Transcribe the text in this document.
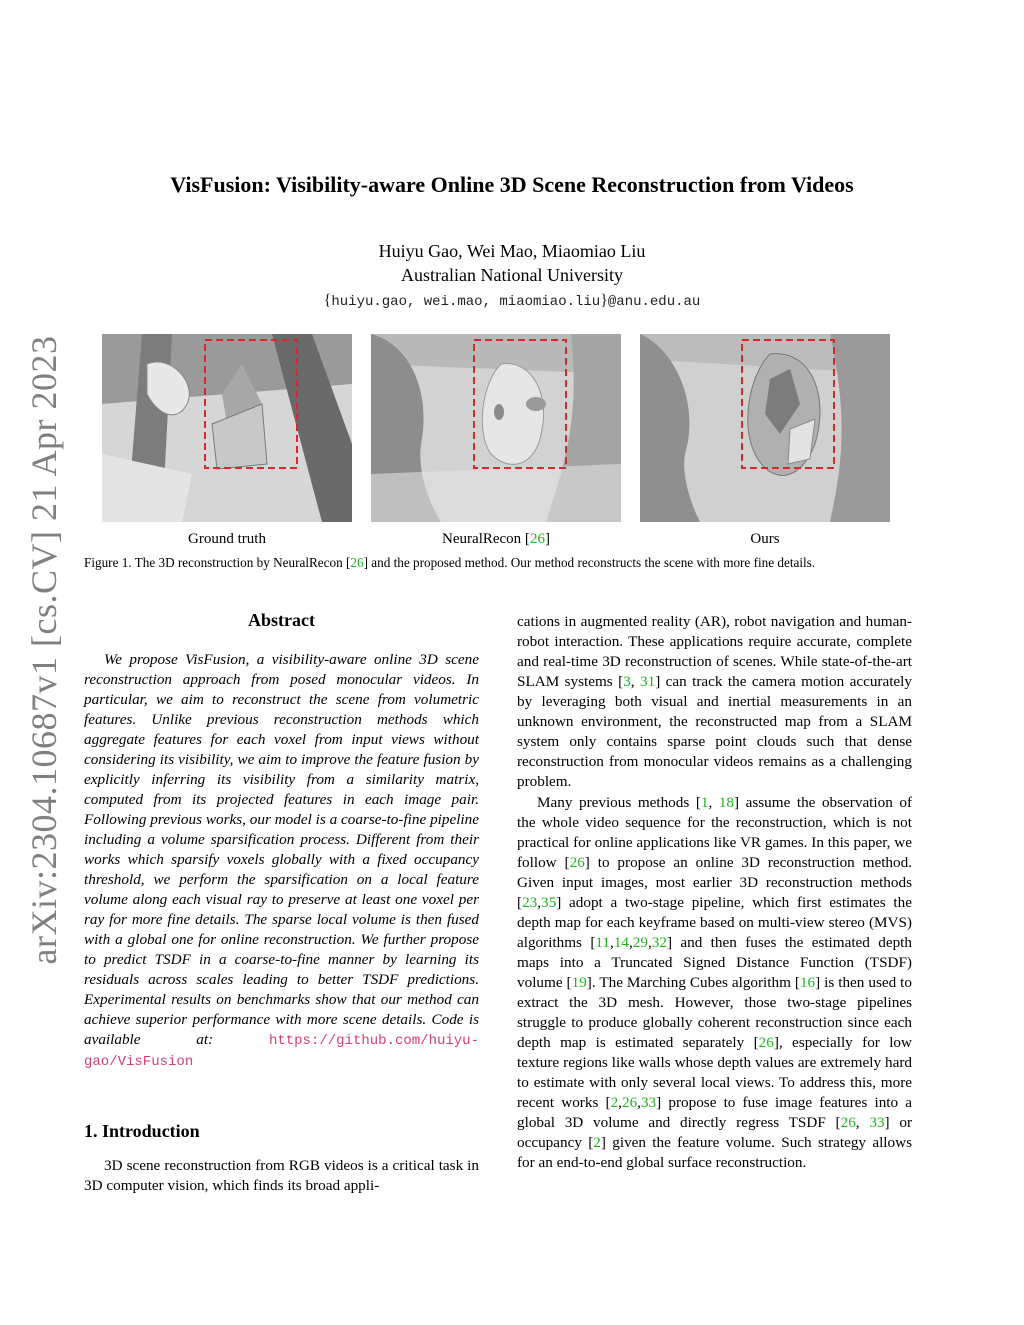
arXiv:2304.10687v1 [cs.CV] 21 Apr 2023
VisFusion: Visibility-aware Online 3D Scene Reconstruction from Videos
Huiyu Gao, Wei Mao, Miaomiao Liu
Australian National University
{huiyu.gao, wei.mao, miaomiao.liu}@anu.edu.au
Ground truth	NeuralRecon [26]	Ours
Figure 1. The 3D reconstruction by NeuralRecon [26] and the proposed method. Our method reconstructs the scene with more fine details.
Abstract
We propose VisFusion, a visibility-aware online 3D scene reconstruction approach from posed monocular videos. In particular, we aim to reconstruct the scene from volumetric features. Unlike previous reconstruction methods which aggregate features for each voxel from input views without considering its visibility, we aim to improve the feature fusion by explicitly inferring its visibility from a similarity matrix, computed from its projected features in each image pair. Following previous works, our model is a coarse-to-fine pipeline including a volume sparsification process. Different from their works which sparsify voxels globally with a fixed occupancy threshold, we perform the sparsification on a local feature volume along each visual ray to preserve at least one voxel per ray for more fine details. The sparse local volume is then fused with a global one for online reconstruction. We further propose to predict TSDF in a coarse-to-fine manner by learning its residuals across scales leading to better TSDF predictions. Experimental results on benchmarks show that our method can achieve superior performance with more scene details. Code is available at: https://github.com/huiyu-gao/VisFusion
1. Introduction
3D scene reconstruction from RGB videos is a critical task in 3D computer vision, which finds its broad appli-

cations in augmented reality (AR), robot navigation and human-robot interaction. These applications require accurate, complete and real-time 3D reconstruction of scenes. While state-of-the-art SLAM systems [3, 31] can track the camera motion accurately by leveraging both visual and inertial measurements in an unknown environment, the reconstructed map from a SLAM system only contains sparse point clouds such that dense reconstruction from monocular videos remains as a challenging problem.

Many previous methods [1, 18] assume the observation of the whole video sequence for the reconstruction, which is not practical for online applications like VR games. In this paper, we follow [26] to propose an online 3D reconstruction method. Given input images, most earlier 3D reconstruction methods [23,35] adopt a two-stage pipeline, which first estimates the depth map for each keyframe based on multi-view stereo (MVS) algorithms [11,14,29,32] and then fuses the estimated depth maps into a Truncated Signed Distance Function (TSDF) volume [19]. The Marching Cubes algorithm [16] is then used to extract the 3D mesh. However, those two-stage pipelines struggle to produce globally coherent reconstruction since each depth map is estimated separately [26], especially for low texture regions like walls whose depth values are extremely hard to estimate with only several local views. To address this, more recent works [2,26,33] propose to fuse image features into a global 3D volume and directly regress TSDF [26, 33] or occupancy [2] given the feature volume. Such strategy allows for an end-to-end global surface reconstruction.
